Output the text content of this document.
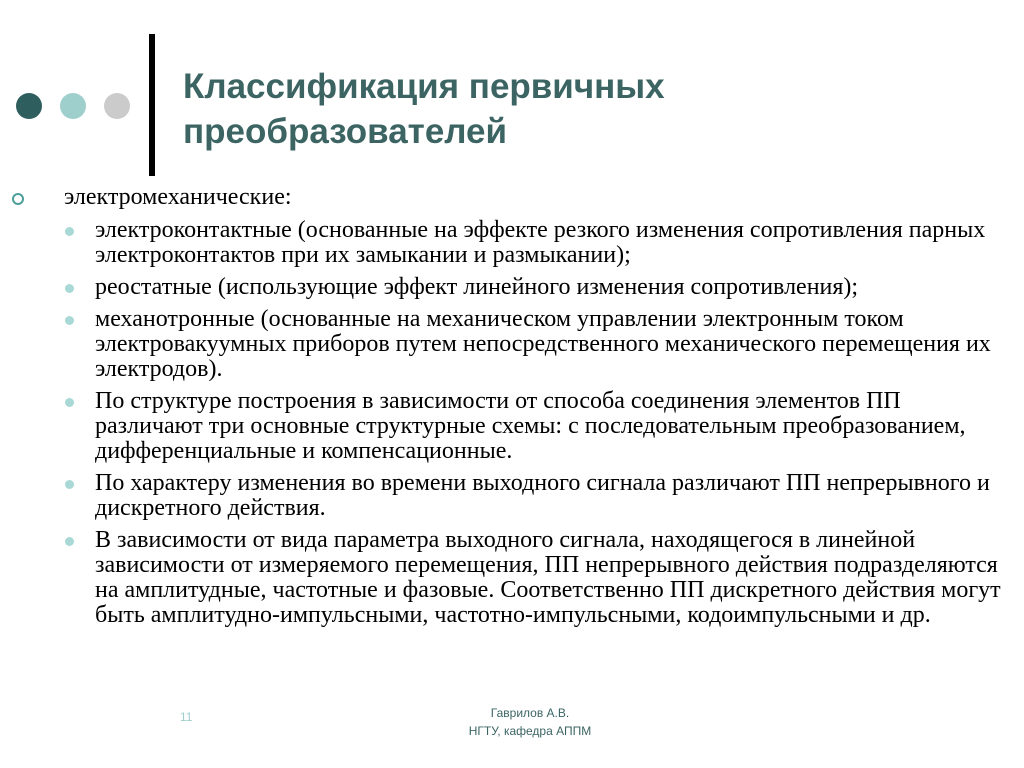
Классификация первичных преобразователей

электромеханические:

электроконтактные (основанные на эффекте резкого изменения сопротивления парных электроконтактов при их замыкании и размыкании);

реостатные (использующие эффект линейного изменения сопротивления);

механотронные (основанные на механическом управлении электронным током электровакуумных приборов путем непосредственного механического перемещения их электродов).

По структуре построения в зависимости от способа соединения элементов ПП различают три основные структурные схемы: с последовательным преобразованием, дифференциальные и компенсационные.

По характеру изменения во времени выходного сигнала различают ПП непрерывного и дискретного действия.

В зависимости от вида параметра выходного сигнала, находящегося в линейной зависимости от измеряемого перемещения, ПП непрерывного действия подразделяются на амплитудные, частотные и фазовые. Соответственно ПП дискретного действия могут быть амплитудно-импульсными, частотно-импульсными, кодоимпульсными и др.

11	Гаврилов А.В.
НГТУ, кафедра АППМ
